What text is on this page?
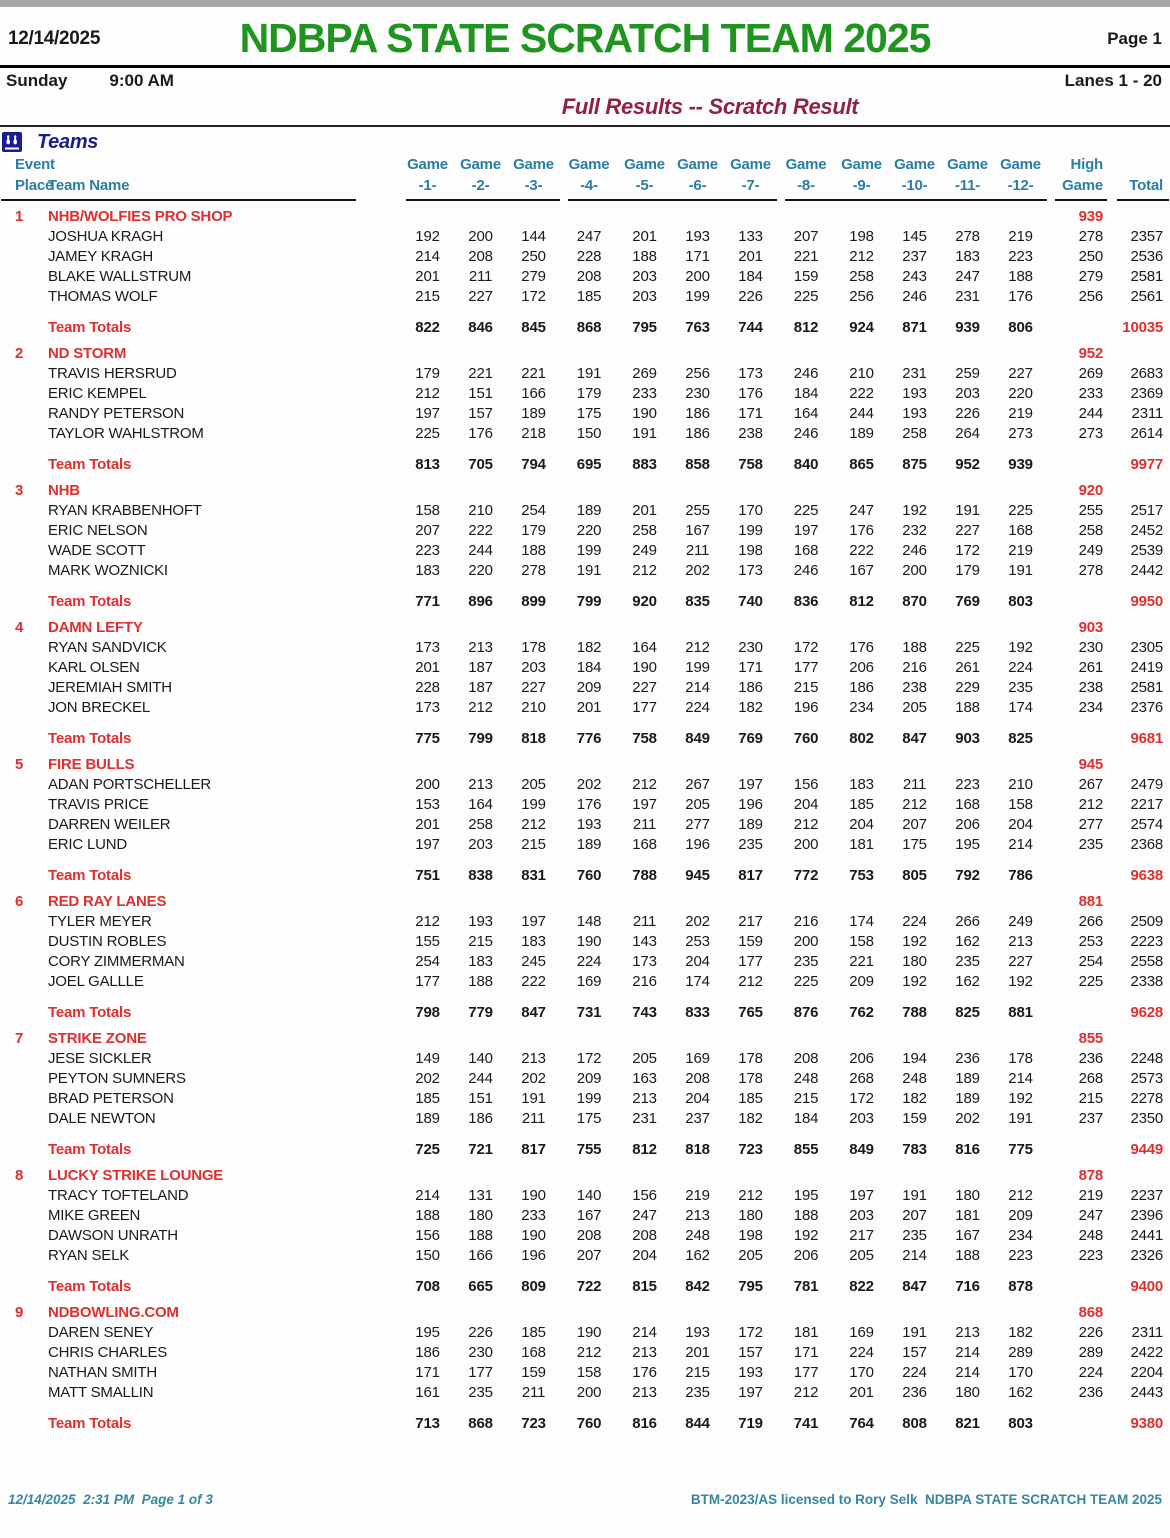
12/14/2025	NDBPA STATE SCRATCH TEAM 2025	Page 1
Sunday 9:00 AM	Lanes 1 - 20
Full Results -- Scratch Result
Teams
Event		Game	Game	Game	Game	Game	Game	Game	Game	Game	Game	Game	Game	High	
Place	Team Name	-1-	-2-	-3-	-4-	-5-	-6-	-7-	-8-	-9-	-10-	-11-	-12-	Game	Total

1	NHB/WOLFIES PRO SHOP													939	
	JOSHUA KRAGH	192	200	144	247	201	193	133	207	198	145	278	219	278	2357
	JAMEY KRAGH	214	208	250	228	188	171	201	221	212	237	183	223	250	2536
	BLAKE WALLSTRUM	201	211	279	208	203	200	184	159	258	243	247	188	279	2581
	THOMAS WOLF	215	227	172	185	203	199	226	225	256	246	231	176	256	2561
	Team Totals	822	846	845	868	795	763	744	812	924	871	939	806		10035
2	ND STORM													952	
	TRAVIS HERSRUD	179	221	221	191	269	256	173	246	210	231	259	227	269	2683
	ERIC KEMPEL	212	151	166	179	233	230	176	184	222	193	203	220	233	2369
	RANDY PETERSON	197	157	189	175	190	186	171	164	244	193	226	219	244	2311
	TAYLOR WAHLSTROM	225	176	218	150	191	186	238	246	189	258	264	273	273	2614
	Team Totals	813	705	794	695	883	858	758	840	865	875	952	939		9977
3	NHB													920	
	RYAN KRABBENHOFT	158	210	254	189	201	255	170	225	247	192	191	225	255	2517
	ERIC NELSON	207	222	179	220	258	167	199	197	176	232	227	168	258	2452
	WADE SCOTT	223	244	188	199	249	211	198	168	222	246	172	219	249	2539
	MARK WOZNICKI	183	220	278	191	212	202	173	246	167	200	179	191	278	2442
	Team Totals	771	896	899	799	920	835	740	836	812	870	769	803		9950
4	DAMN LEFTY													903	
	RYAN SANDVICK	173	213	178	182	164	212	230	172	176	188	225	192	230	2305
	KARL OLSEN	201	187	203	184	190	199	171	177	206	216	261	224	261	2419
	JEREMIAH SMITH	228	187	227	209	227	214	186	215	186	238	229	235	238	2581
	JON BRECKEL	173	212	210	201	177	224	182	196	234	205	188	174	234	2376
	Team Totals	775	799	818	776	758	849	769	760	802	847	903	825		9681
5	FIRE BULLS													945	
	ADAN PORTSCHELLER	200	213	205	202	212	267	197	156	183	211	223	210	267	2479
	TRAVIS PRICE	153	164	199	176	197	205	196	204	185	212	168	158	212	2217
	DARREN WEILER	201	258	212	193	211	277	189	212	204	207	206	204	277	2574
	ERIC LUND	197	203	215	189	168	196	235	200	181	175	195	214	235	2368
	Team Totals	751	838	831	760	788	945	817	772	753	805	792	786		9638
6	RED RAY LANES													881	
	TYLER MEYER	212	193	197	148	211	202	217	216	174	224	266	249	266	2509
	DUSTIN ROBLES	155	215	183	190	143	253	159	200	158	192	162	213	253	2223
	CORY ZIMMERMAN	254	183	245	224	173	204	177	235	221	180	235	227	254	2558
	JOEL GALLLE	177	188	222	169	216	174	212	225	209	192	162	192	225	2338
	Team Totals	798	779	847	731	743	833	765	876	762	788	825	881		9628
7	STRIKE ZONE													855	
	JESE SICKLER	149	140	213	172	205	169	178	208	206	194	236	178	236	2248
	PEYTON SUMNERS	202	244	202	209	163	208	178	248	268	248	189	214	268	2573
	BRAD PETERSON	185	151	191	199	213	204	185	215	172	182	189	192	215	2278
	DALE NEWTON	189	186	211	175	231	237	182	184	203	159	202	191	237	2350
	Team Totals	725	721	817	755	812	818	723	855	849	783	816	775		9449
8	LUCKY STRIKE LOUNGE													878	
	TRACY TOFTELAND	214	131	190	140	156	219	212	195	197	191	180	212	219	2237
	MIKE GREEN	188	180	233	167	247	213	180	188	203	207	181	209	247	2396
	DAWSON UNRATH	156	188	190	208	208	248	198	192	217	235	167	234	248	2441
	RYAN SELK	150	166	196	207	204	162	205	206	205	214	188	223	223	2326
	Team Totals	708	665	809	722	815	842	795	781	822	847	716	878		9400
9	NDBOWLING.COM													868	
	DAREN SENEY	195	226	185	190	214	193	172	181	169	191	213	182	226	2311
	CHRIS CHARLES	186	230	168	212	213	201	157	171	224	157	214	289	289	2422
	NATHAN SMITH	171	177	159	158	176	215	193	177	170	224	214	170	224	2204
	MATT SMALLIN	161	235	211	200	213	235	197	212	201	236	180	162	236	2443
	Team Totals	713	868	723	760	816	844	719	741	764	808	821	803		9380
12/14/2025  2:31 PM  Page 1 of 3	BTM-2023/AS licensed to Rory Selk  NDBPA STATE SCRATCH TEAM 2025
